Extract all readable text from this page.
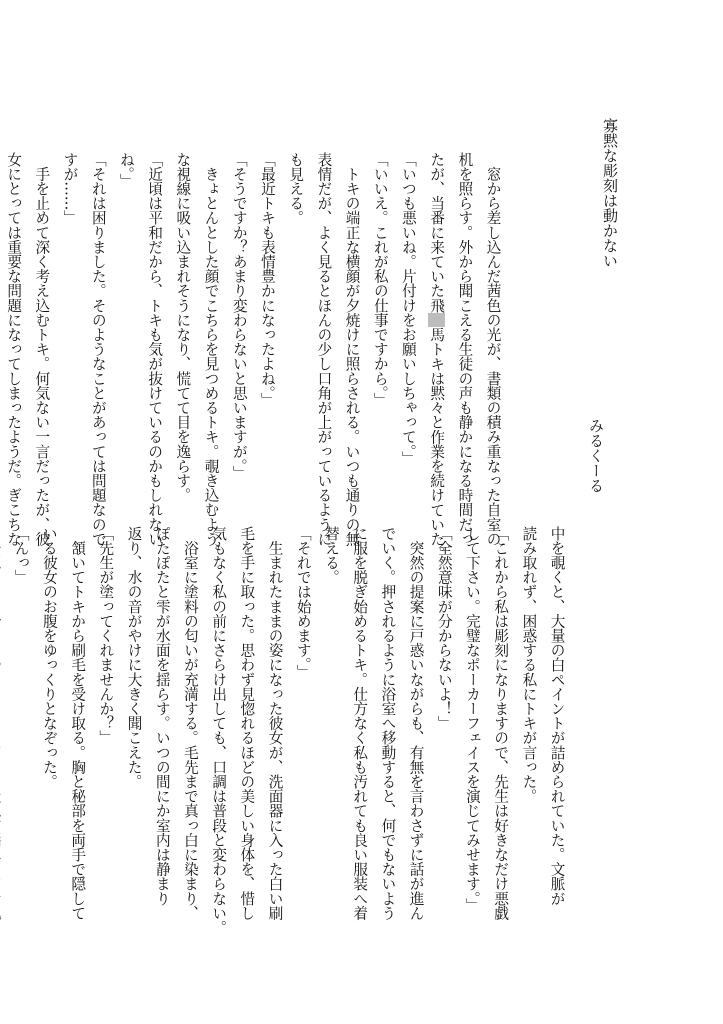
寡黙な彫刻は動かない
みるくーる

　窓から差し込んだ茜色の光が、書類の積み重なった自室の

机を照らす。外から聞こえる生徒の声も静かになる時間だっ

たが、当番に来ていた飛　馬トキは黙々と作業を続けていた。

「いつも悪いね。片付けをお願いしちゃって。」

「いいえ。これが私の仕事ですから。」

　トキの端正な横顔が夕焼けに照らされる。いつも通りの無

表情だが、よく見るとほんの少し口角が上がっているように

も見える。

「最近トキも表情豊かになったよね。」

「そうですか？あまり変わらないと思いますが。」

　きょとんとした顔でこちらを見つめるトキ。覗き込むよう

な視線に吸い込まれそうになり、慌てて目を逸らす。

「近頃は平和だから、トキも気が抜けているのかもしれない

ね。」

「それは困りました。そのようなことがあっては問題なので

すが……」

　手を止めて深く考え込むトキ。何気ない一言だったが、彼

女にとっては重要な問題になってしまったようだ。ぎこちな

中を覗くと、大量の白ペイントが詰められていた。文脈が

読み取れず、困惑する私にトキが言った。

「これから私は彫刻になりますので、先生は好きなだけ悪戯

して下さい。完璧なポーカーフェイスを演じてみせます。」

「全然意味が分からないよ！」

　突然の提案に戸惑いながらも、有無を言わさずに話が進ん

でいく。押されるように浴室へ移動すると、何でもないよう

に服を脱ぎ始めるトキ。仕方なく私も汚れても良い服装へ着

替える。

「それでは始めます。」

　生まれたままの姿になった彼女が、洗面器に入った白い刷

毛を手に取った。思わず見惚れるほどの美しい身体を、惜し

気もなく私の前にさらけ出しても、口調は普段と変わらない。

　浴室に塗料の匂いが充満する。毛先まで真っ白に染まり、

ぽたぽたと雫が水面を揺らす。いつの間にか室内は静まり

返り、水の音がやけに大きく聞こえた。

「先生が塗ってくれませんか？」

　頷いてトキから刷毛を受け取る。胸と秘部を両手で隠して

いる彼女のお腹をゆっくりとなぞった。

「んっ」
